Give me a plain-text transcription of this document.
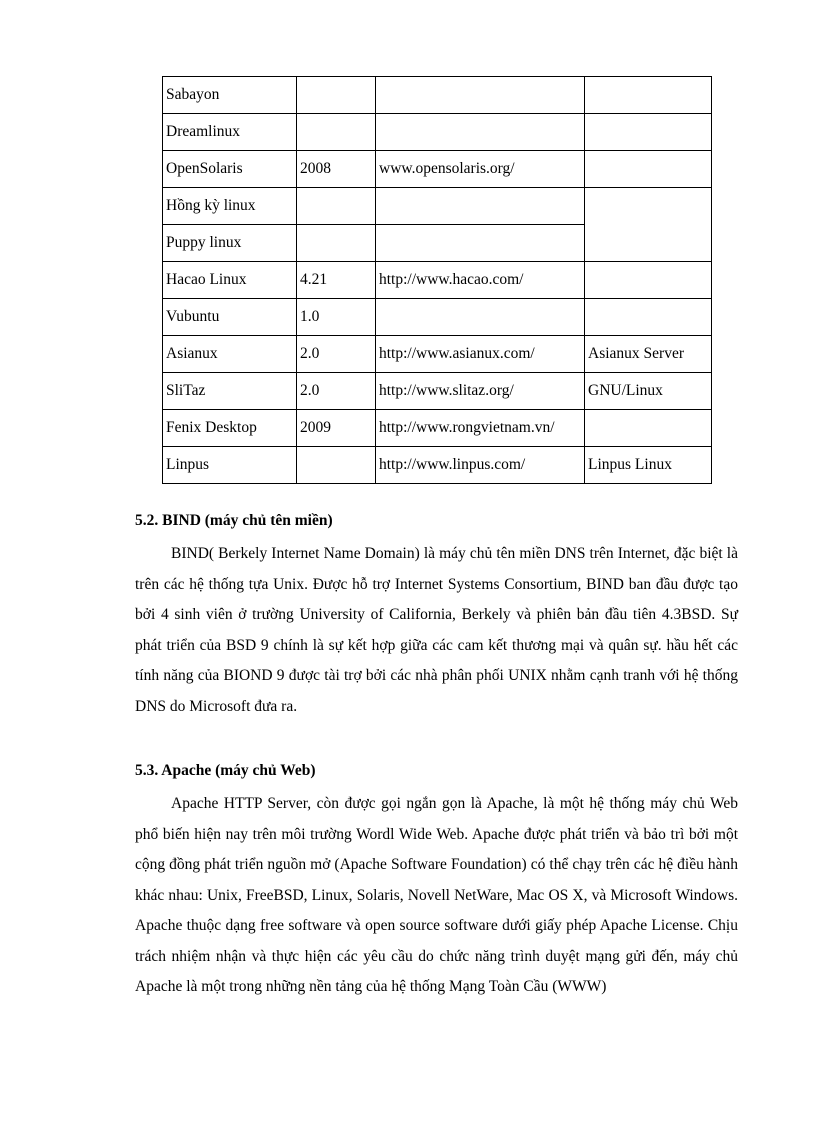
Sabayon			
Dreamlinux			
OpenSolaris	2008	www.opensolaris.org/	
Hồng kỳ linux			
Puppy linux			
Hacao Linux	4.21	http://www.hacao.com/	
Vubuntu	1.0		
Asianux	2.0	http://www.asianux.com/	Asianux Server
SliTaz	2.0	http://www.slitaz.org/	GNU/Linux
Fenix Desktop	2009	http://www.rongvietnam.vn/	
Linpus		http://www.linpus.com/	Linpus Linux
5.2. BIND (máy chủ tên miền)

BIND( Berkely Internet Name Domain) là máy chủ tên miền DNS trên Internet, đặc biệt là trên các hệ thống tựa Unix. Được hỗ trợ Internet Systems Consortium, BIND ban đầu được tạo bởi 4 sinh viên ở trường University of California, Berkely và phiên bản đầu tiên 4.3BSD. Sự phát triển của BSD 9 chính là sự kết hợp giữa các cam kết thương mại và quân sự. hầu hết các tính năng của BIOND 9 được tài trợ bởi các nhà phân phối UNIX nhằm cạnh tranh với hệ thống DNS do Microsoft đưa ra.

5.3. Apache (máy chủ Web)

Apache HTTP Server, còn được gọi ngắn gọn là Apache, là một hệ thống máy chủ Web phổ biến hiện nay trên môi trường Wordl Wide Web. Apache được phát triển và bảo trì bởi một cộng đồng phát triển nguồn mở (Apache Software Foundation) có thể chạy trên các hệ điều hành khác nhau: Unix, FreeBSD, Linux, Solaris, Novell NetWare, Mac OS X, và Microsoft Windows. Apache thuộc dạng free software và open source software dưới giấy phép Apache License. Chịu trách nhiệm nhận và thực hiện các yêu cầu do chức năng trình duyệt mạng gửi đến, máy chủ Apache là một trong những nền tảng của hệ thống Mạng Toàn Cầu (WWW)
